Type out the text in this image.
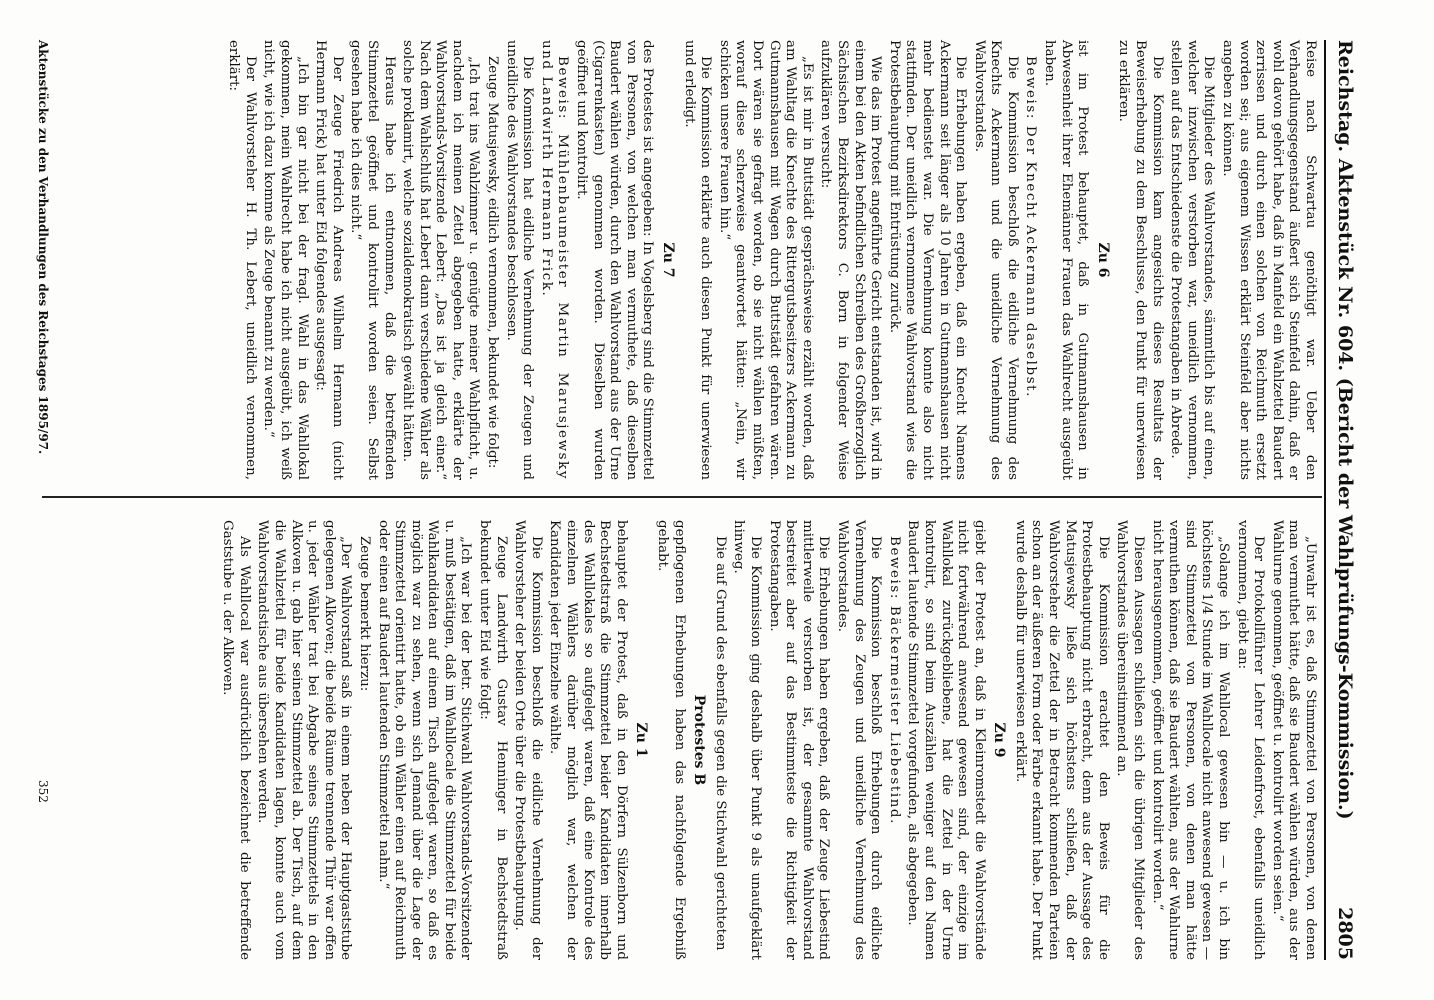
Reichstag. Aktenstück Nr. 604. (Bericht der Wahlprüfungs-Kommission.)
2805

Reise nach Schwartau genöthigt war. Ueber den Verhandlungsgegenstand äußert sich Steinfeld dahin, daß er wohl davon gehört habe, daß in Manfeld ein Wahlzettel Baudert zerrissen und durch einen solchen von Reichmuth ersetzt worden sei; aus eigenem Wissen erklärt Steinfeld aber nichts angeben zu können.

Die Mitglieder des Wahlvorstandes, sämmtlich bis auf einen, welcher inzwischen verstorben war, uneidlich vernommen, stellen auf das Entschiedenste die Protestangaben in Abrede.

Die Kommission kam angesichts dieses Resultats der Beweiserhebung zu dem Beschlusse, den Punkt für unerwiesen zu erklären.

Zu 6

ist im Protest behauptet, daß in Gutmannshausen in Abwesenheit ihrer Ehemänner Frauen das Wahlrecht ausgeübt haben.

Beweis: Der Knecht Ackermann daselbst.

Die Kommission beschloß die eidliche Vernehmung des Knechts Ackermann und die uneidliche Vernehmung des Wahlvorstandes.

Die Erhebungen haben ergeben, daß ein Knecht Namens Ackermann seit länger als 10 Jahren in Gutmannshausen nicht mehr bedienstet war. Die Vernehmung konnte also nicht stattfinden. Der uneidlich vernommene Wahlvorstand wies die Protestbehauptung mit Entrüstung zurück.

Wie das im Protest angeführte Gericht entstanden ist, wird in einem bei den Akten befindlichen Schreiben des Großherzoglich Sächsischen Bezirksdirektors C. Born in folgender Weise aufzuklären versucht:

„Es ist mir in Buttstädt gesprächsweise erzählt worden, daß am Wahltag die Knechte des Rittergutsbesitzers Ackermann zu Gutmannshausen mit Wagen durch Buttstädt gefahren wären. Dort wären sie gefragt worden, ob sie nicht wählen müßten, worauf diese scherzweise geantwortet hätten: „Nein, wir schicken unsere Frauen hin.“

Die Kommission erklärte auch diesen Punkt für unerwiesen und erledigt.

Zu 7

des Protestes ist angegeben: In Vogelsberg sind die Stimmzettel von Personen, von welchen man vermuthete, daß dieselben Baudert wählen würden, durch den Wahlvorstand aus der Urne (Cigarrenkasten) genommen worden. Dieselben wurden geöffnet und kontrolirt.

Beweis: Mühlenbaumeister Martin Marusjewsky und Landwirth Hermann Frick.

Die Kommission hat eidliche Vernehmung der Zeugen und uneidliche des Wahlvorstandes beschlossen.

Zeuge Matusjewsky, eidlich vernommen, bekundet wie folgt:

„Ich trat ins Wahlzimmer u. genügte meiner Wahlpflicht, u. nachdem ich meinen Zettel abgegeben hatte, erklärte der Wahlvorstands-Vorsitzende Lebert: „Das ist ja gleich einer.“ Nach dem Wahlschluß hat Lebert dann verschiedene Wähler als solche proklamirt, welche sozialdemokratisch gewählt hätten.

Heraus habe ich entnommen, daß die betreffenden Stimmzettel geöffnet und kontrolirt worden seien. Selbst gesehen habe ich dies nicht.“

Der Zeuge Friedrich Andreas Wilhelm Hermann (nicht Hermann Frick) hat unter Eid folgendes ausgesagt:

„Ich bin gar nicht bei der fragl. Wahl in das Wahllokal gekommen, mein Wahlrecht habe ich nicht ausgeübt, ich weiß nicht, wie ich dazu komme als Zeuge benannt zu werden.“

Der Wahlvorsteher H. Th. Lebert, uneidlich vernommen, erklärt:

„Unwahr ist es, daß Stimmzettel von Personen, von denen man vermuthet hätte, daß sie Baudert wählen würden, aus der Wahlurne genommen, geöffnet u. kontrolirt worden seien.“

Der Protokollführer Lehrer Leidenfrost, ebenfalls uneidlich vernommen, giebt an:

„Solange ich im Wahllocal gewesen bin — u. ich bin höchstens 1/4 Stunde im Wahllocale nicht anwesend gewesen — sind Stimmzettel von Personen, von denen man hätte vermuthen können, daß sie Baudert wählten, aus der Wahlurne nicht herausgenommen, geöffnet und kontrolirt worden.“

Diesen Aussagen schließen sich die übrigen Mitglieder des Wahlvorstandes übereinstimmend an.

Die Kommission erachtet den Beweis für die Protestbehauptung nicht erbracht, denn aus der Aussage des Matusjewsky ließe sich höchstens schließen, daß der Wahlvorsteher die Zettel der in Betracht kommenden Parteien schon an der äußeren Form oder Farbe erkannt habe. Der Punkt wurde deshalb für unerwiesen erklärt.

Zu 9

giebt der Protest an, daß in Kleinromstedt die Wahlvorstände nicht fortwährend anwesend gewesen sind, der einzige im Wahllokal zurückgebliebene, hat die Zettel in der Urne kontrolirt, so sind beim Auszählen weniger auf den Namen Baudert lautende Stimmzettel vorgefunden, als abgegeben.

Beweis: Bäckermeister Liebestind.

Die Kommission beschloß Erhebungen durch eidliche Vernehmung des Zeugen und uneidliche Vernehmung des Wahlvorstandes.

Die Erhebungen haben ergeben, daß der Zeuge Liebestind mittlerweile verstorben ist, der gesammte Wahlvorstand bestreitet aber auf das Bestimmteste die Richtigkeit der Protestangaben.

Die Kommission ging deshalb über Punkt 9 als unaufgeklärt hinweg.

Die auf Grund des ebenfalls gegen die Stichwahl gerichteten

Protestes B

gepflogenen Erhebungen haben das nachfolgende Ergebniß gehabt.

Zu 1

behauptet der Protest, daß in den Dörfern Sülzenborn und Bechstedtstraß die Stimmzettel beider Kandidaten innerhalb des Wahllokales so aufgelegt waren, daß eine Kontrole des einzelnen Wählers darüber möglich war, welchen der Kandidaten jeder Einzelne wählte.

Die Kommission beschloß die eidliche Vernehmung der Wahlvorsteher der beiden Orte über die Protestbehauptung.

Zeuge Landwirth Gustav Henninger in Bechstedtstraß bekundet unter Eid wie folgt:

„Ich war bei der betr. Stichwahl Wahlvorstands-Vorsitzender u. muß bestätigen, daß im Wahllocale die Stimmzettel für beide Wahlkandidaten auf einem Tisch aufgelegt waren, so daß es möglich war zu sehen, wenn sich Jemand über die Lage der Stimmzettel orientirt hatte, ob ein Wähler einen auf Reichmuth oder einen auf Baudert lautenden Stimmzettel nahm.“

Zeuge bemerkt hierzu:

„Der Wahlvorstand saß in einem neben der Hauptgaststube gelegenen Alkoven; die beide Räume trennende Thür war offen u. jeder Wähler trat bei Abgabe seines Stimmzettels in den Alkoven u. gab hier seinen Stimmzettel ab. Der Tisch, auf dem die Wahlzettel für beide Kandidaten lagen, konnte auch vom Wahlvorstandstische aus übersehen werden.

Als Wahllocal war ausdrücklich bezeichnet die betreffende Gaststube u. der Alkoven.

Aktenstücke zu den Verhandlungen des Reichstages 1895/97.
352
